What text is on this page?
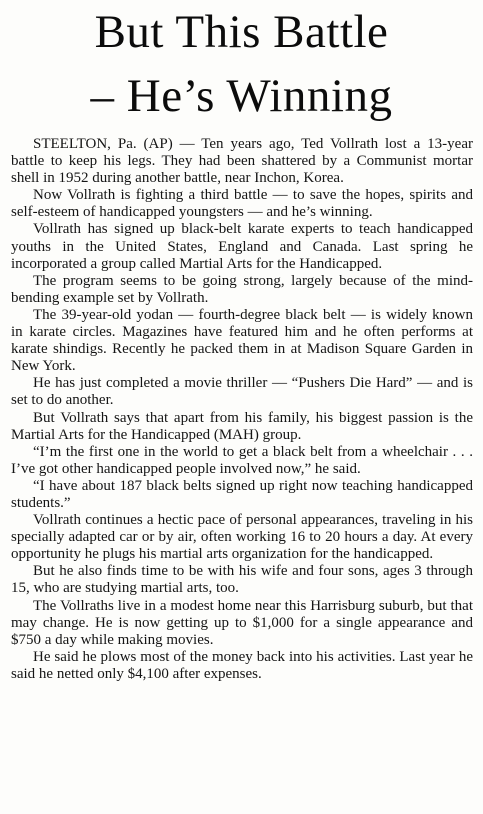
But This Battle
– He’s Winning

STEELTON, Pa. (AP) — Ten years ago, Ted Vollrath lost a 13-year battle to keep his legs. They had been shattered by a Communist mortar shell in 1952 during another battle, near Inchon, Korea.

Now Vollrath is fighting a third battle — to save the hopes, spirits and self-esteem of handicapped youngsters — and he’s winning.

Vollrath has signed up black-belt karate experts to teach handicapped youths in the United States, England and Canada. Last spring he incorporated a group called Martial Arts for the Handicapped.

The program seems to be going strong, largely because of the mind-bending example set by Vollrath.

The 39-year-old yodan — fourth-degree black belt — is widely known in karate circles. Magazines have featured him and he often performs at karate shindigs. Recently he packed them in at Madison Square Garden in New York.

He has just completed a movie thriller — “Pushers Die Hard” — and is set to do another.

But Vollrath says that apart from his family, his biggest passion is the Martial Arts for the Handicapped (MAH) group.

“I’m the first one in the world to get a black belt from a wheelchair . . . I’ve got other handicapped people involved now,” he said.

“I have about 187 black belts signed up right now teaching handicapped students.”

Vollrath continues a hectic pace of personal appearances, traveling in his specially adapted car or by air, often working 16 to 20 hours a day. At every opportunity he plugs his martial arts organization for the handicapped.

But he also finds time to be with his wife and four sons, ages 3 through 15, who are studying martial arts, too.

The Vollraths live in a modest home near this Harrisburg suburb, but that may change. He is now getting up to $1,000 for a single appearance and $750 a day while making movies.

He said he plows most of the money back into his activities. Last year he said he netted only $4,100 after expenses.
